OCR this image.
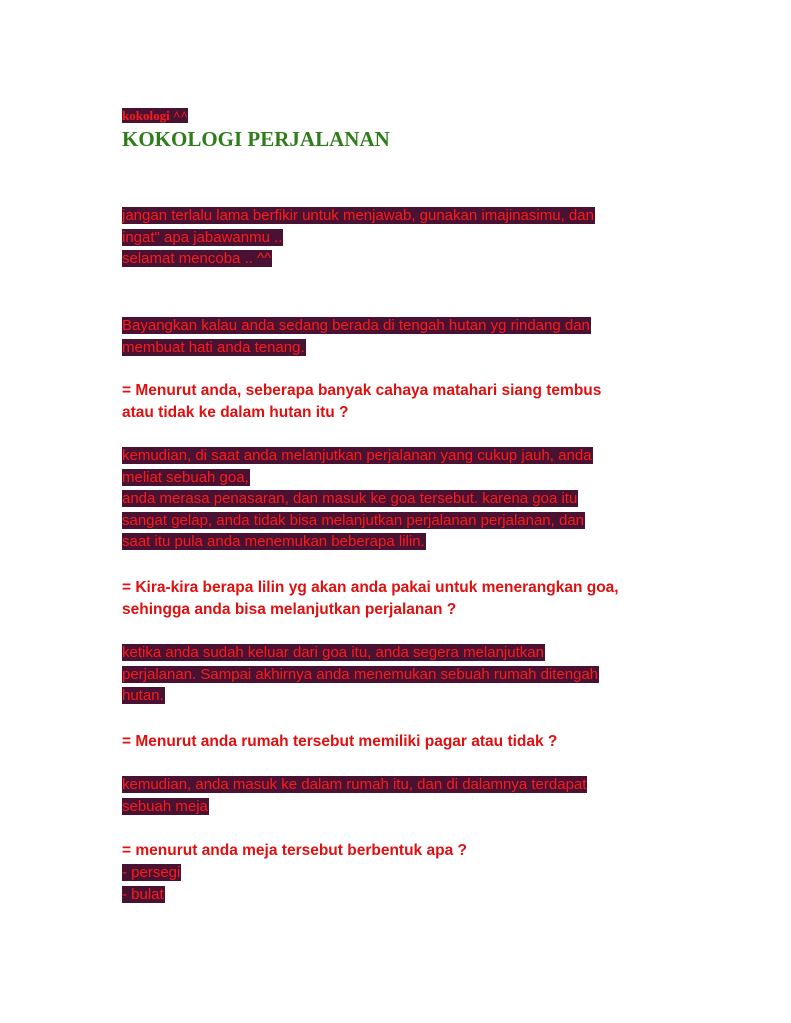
kokologi ^^
KOKOLOGI PERJALANAN
jangan terlalu lama berfikir untuk menjawab, gunakan imajinasimu, dan
ingat" apa jabawanmu ..
selamat mencoba .. ^^
Bayangkan kalau anda sedang berada di tengah hutan yg rindang dan
membuat hati anda tenang.
= Menurut anda, seberapa banyak cahaya matahari siang tembus
atau tidak ke dalam hutan itu ?
kemudian, di saat anda melanjutkan perjalanan yang cukup jauh, anda
meliat sebuah goa,
anda merasa penasaran, dan masuk ke goa tersebut. karena goa itu
sangat gelap, anda tidak bisa melanjutkan perjalanan perjalanan, dan
saat itu pula anda menemukan beberapa lilin.
= Kira-kira berapa lilin yg akan anda pakai untuk menerangkan goa,
sehingga anda bisa melanjutkan perjalanan ?
ketika anda sudah keluar dari goa itu, anda segera melanjutkan
perjalanan. Sampai akhirnya anda menemukan sebuah rumah ditengah
hutan.
= Menurut anda rumah tersebut memiliki pagar atau tidak ?
kemudian, anda masuk ke dalam rumah itu, dan di dalamnya terdapat
sebuah meja
= menurut anda meja tersebut berbentuk apa ?
- persegi
- bulat
